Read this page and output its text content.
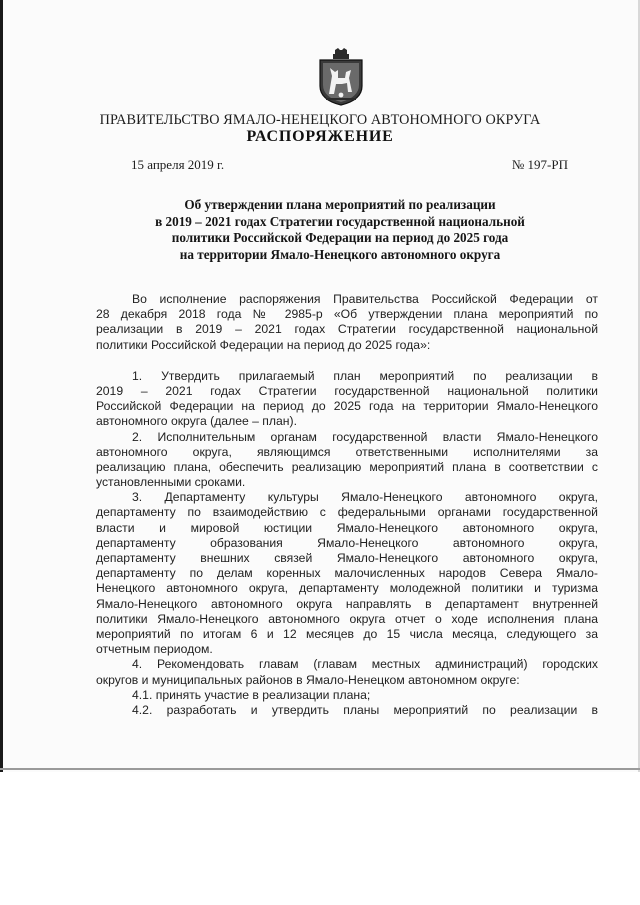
ПРАВИТЕЛЬСТВО ЯМАЛО-НЕНЕЦКОГО АВТОНОМНОГО ОКРУГА
РАСПОРЯЖЕНИЕ
15 апреля 2019 г.	№ 197-РП
Об утверждении плана мероприятий по реализации
в 2019 – 2021 годах Стратегии государственной национальной
политики Российской Федерации на период до 2025 года
на территории Ямало-Ненецкого автономного округа
Во исполнение распоряжения Правительства Российской Федерации от
28 декабря 2018 года № 2985-р «Об утверждении плана мероприятий по
реализации в 2019 – 2021 годах Стратегии государственной национальной
политики Российской Федерации на период до 2025 года»:
1. Утвердить прилагаемый план мероприятий по реализации в
2019 – 2021 годах Стратегии государственной национальной политики
Российской Федерации на период до 2025 года на территории Ямало-Ненецкого
автономного округа (далее – план).
2. Исполнительным органам государственной власти Ямало-Ненецкого
автономного округа, являющимся ответственными исполнителями за
реализацию плана, обеспечить реализацию мероприятий плана в соответствии с
установленными сроками.
3. Департаменту культуры Ямало-Ненецкого автономного округа,
департаменту по взаимодействию с федеральными органами государственной
власти и мировой юстиции Ямало-Ненецкого автономного округа,
департаменту образования Ямало-Ненецкого автономного округа,
департаменту внешних связей Ямало-Ненецкого автономного округа,
департаменту по делам коренных малочисленных народов Севера Ямало-
Ненецкого автономного округа, департаменту молодежной политики и туризма
Ямало-Ненецкого автономного округа направлять в департамент внутренней
политики Ямало-Ненецкого автономного округа отчет о ходе исполнения плана
мероприятий по итогам 6 и 12 месяцев до 15 числа месяца, следующего за
отчетным периодом.
4. Рекомендовать главам (главам местных администраций) городских
округов и муниципальных районов в Ямало-Ненецком автономном округе:
4.1. принять участие в реализации плана;
4.2. разработать и утвердить планы мероприятий по реализации в
